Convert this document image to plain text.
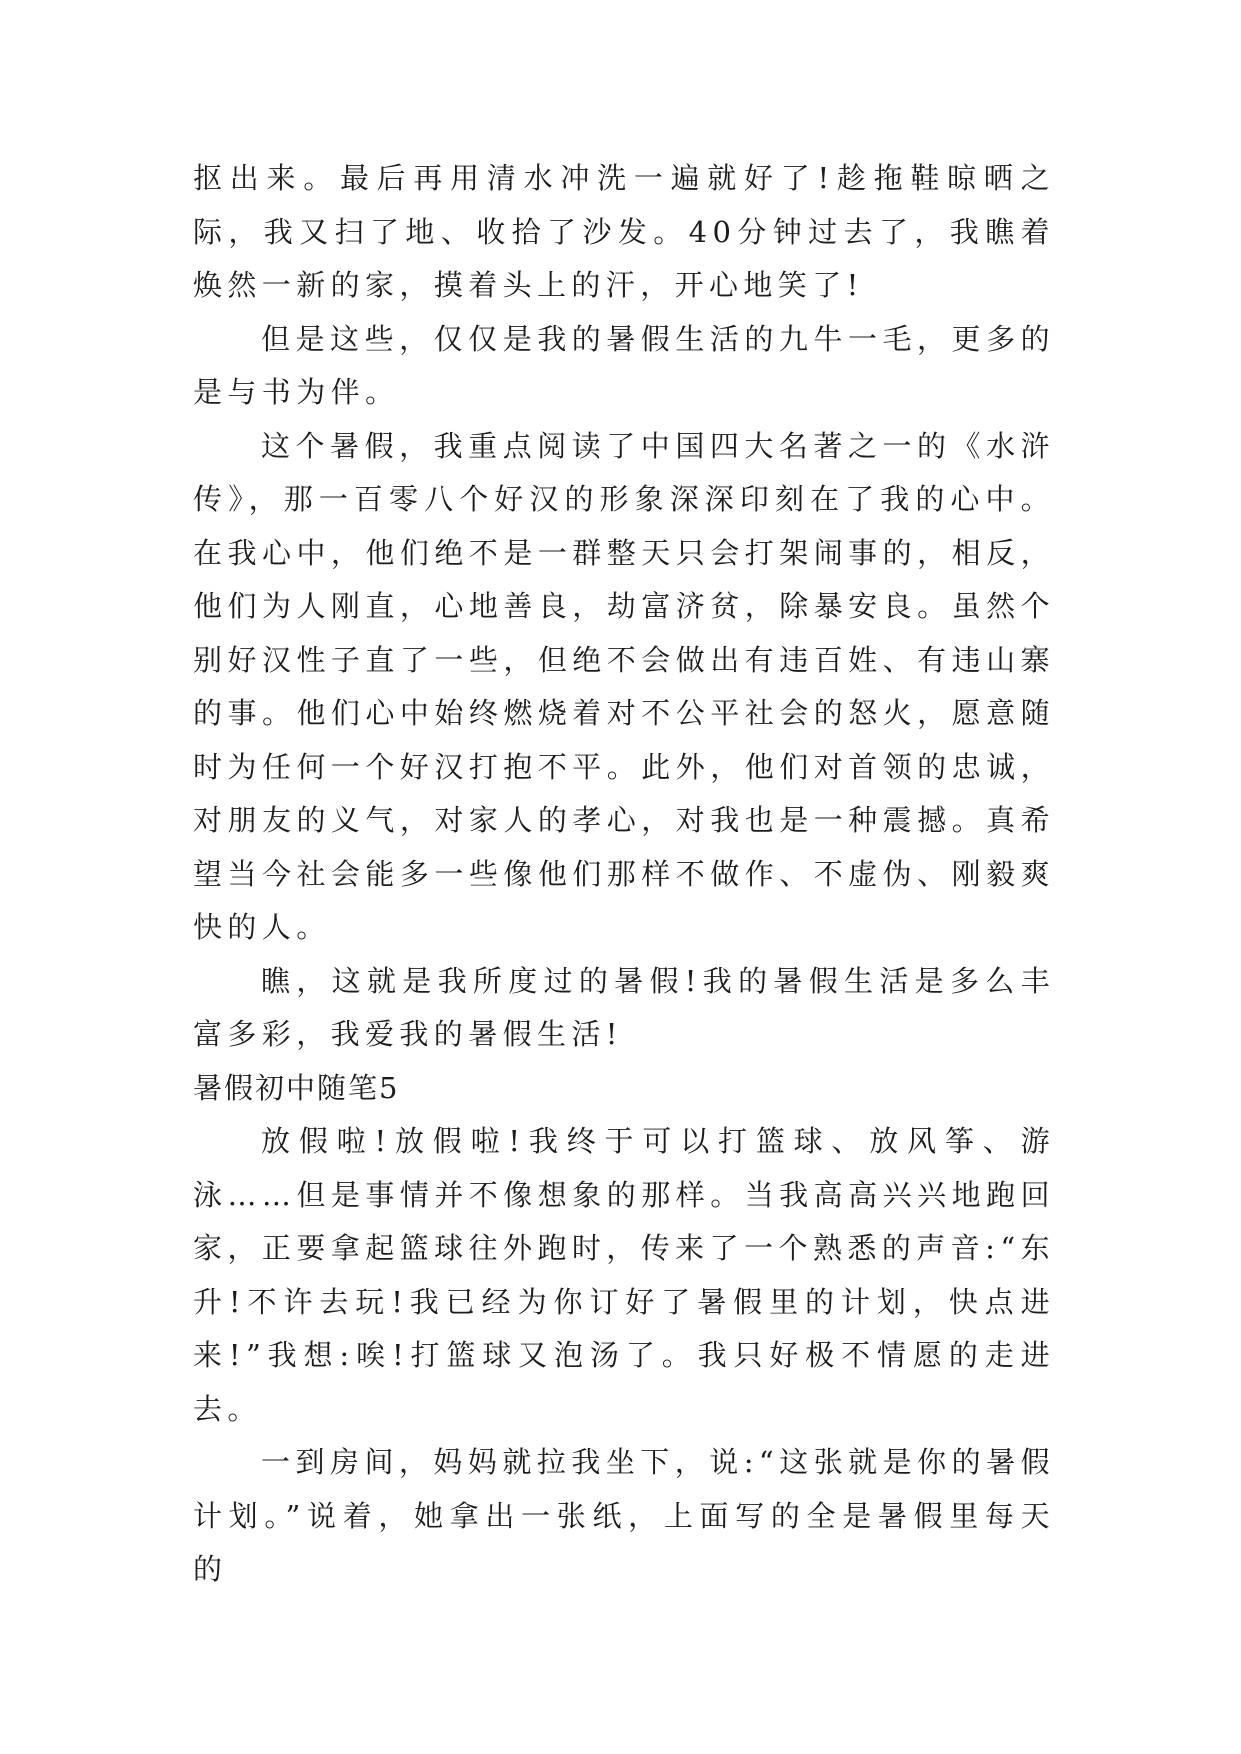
抠出来。最后再用清水冲洗一遍就好了!趁拖鞋晾晒之际，我又扫了地、收拾了沙发。40分钟过去了，我瞧着焕然一新的家，摸着头上的汗，开心地笑了!

但是这些，仅仅是我的暑假生活的九牛一毛，更多的是与书为伴。

这个暑假，我重点阅读了中国四大名著之一的《水浒传》，那一百零八个好汉的形象深深印刻在了我的心中。在我心中，他们绝不是一群整天只会打架闹事的，相反，他们为人刚直，心地善良，劫富济贫，除暴安良。虽然个别好汉性子直了一些，但绝不会做出有违百姓、有违山寨的事。他们心中始终燃烧着对不公平社会的怒火，愿意随时为任何一个好汉打抱不平。此外，他们对首领的忠诚，对朋友的义气，对家人的孝心，对我也是一种震撼。真希望当今社会能多一些像他们那样不做作、不虚伪、刚毅爽快的人。

瞧，这就是我所度过的暑假!我的暑假生活是多么丰富多彩，我爱我的暑假生活!

暑假初中随笔5

放假啦!放假啦!我终于可以打篮球、放风筝、游泳……但是事情并不像想象的那样。当我高高兴兴地跑回家，正要拿起篮球往外跑时，传来了一个熟悉的声音:“东升!不许去玩!我已经为你订好了暑假里的计划，快点进来!”我想:唉!打篮球又泡汤了。我只好极不情愿的走进去。

一到房间，妈妈就拉我坐下，说:“这张就是你的暑假计划。”说着，她拿出一张纸，上面写的全是暑假里每天的
